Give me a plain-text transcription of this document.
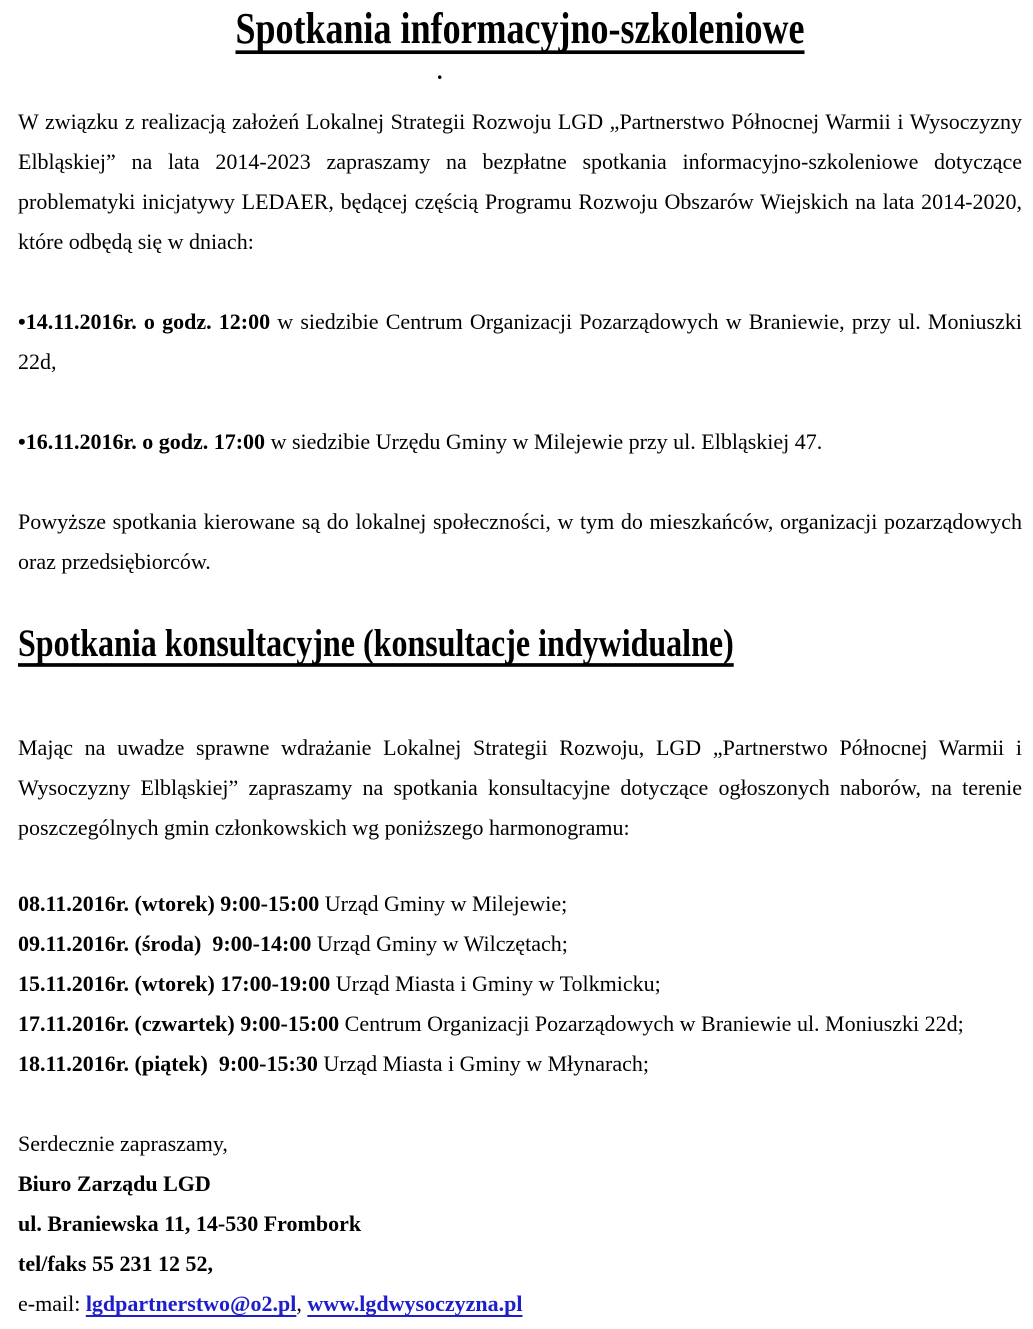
Spotkania informacyjno-szkoleniowe

.

W związku z realizacją założeń Lokalnej Strategii Rozwoju LGD „Partnerstwo Północnej Warmii i Wysoczyzny Elbląskiej” na lata 2014-2023 zapraszamy na bezpłatne spotkania informacyjno-szkoleniowe dotyczące problematyki inicjatywy LEDAER, będącej częścią Programu Rozwoju Obszarów Wiejskich na lata 2014-2020, które odbędą się w dniach:

•14.11.2016r. o godz. 12:00 w siedzibie Centrum Organizacji Pozarządowych w Braniewie, przy ul. Moniuszki 22d,

•16.11.2016r. o godz. 17:00 w siedzibie Urzędu Gminy w Milejewie przy ul. Elbląskiej 47.

Powyższe spotkania kierowane są do lokalnej społeczności, w tym do mieszkańców, organizacji pozarządowych oraz przedsiębiorców.

Spotkania konsultacyjne (konsultacje indywidualne)

Mając na uwadze sprawne wdrażanie Lokalnej Strategii Rozwoju, LGD „Partnerstwo Północnej Warmii i Wysoczyzny Elbląskiej” zapraszamy na spotkania konsultacyjne dotyczące ogłoszonych naborów, na terenie poszczególnych gmin członkowskich wg poniższego harmonogramu:

08.11.2016r. (wtorek) 9:00-15:00 Urząd Gminy w Milejewie;

09.11.2016r. (środa)  9:00-14:00 Urząd Gminy w Wilczętach;

15.11.2016r. (wtorek) 17:00-19:00 Urząd Miasta i Gminy w Tolkmicku;

17.11.2016r. (czwartek) 9:00-15:00 Centrum Organizacji Pozarządowych w Braniewie ul. Moniuszki 22d;

18.11.2016r. (piątek)  9:00-15:30 Urząd Miasta i Gminy w Młynarach;

Serdecznie zapraszamy,

Biuro Zarządu LGD

ul. Braniewska 11, 14-530 Frombork

tel/faks 55 231 12 52,

e-mail: lgdpartnerstwo@o2.pl, www.lgdwysoczyzna.pl
